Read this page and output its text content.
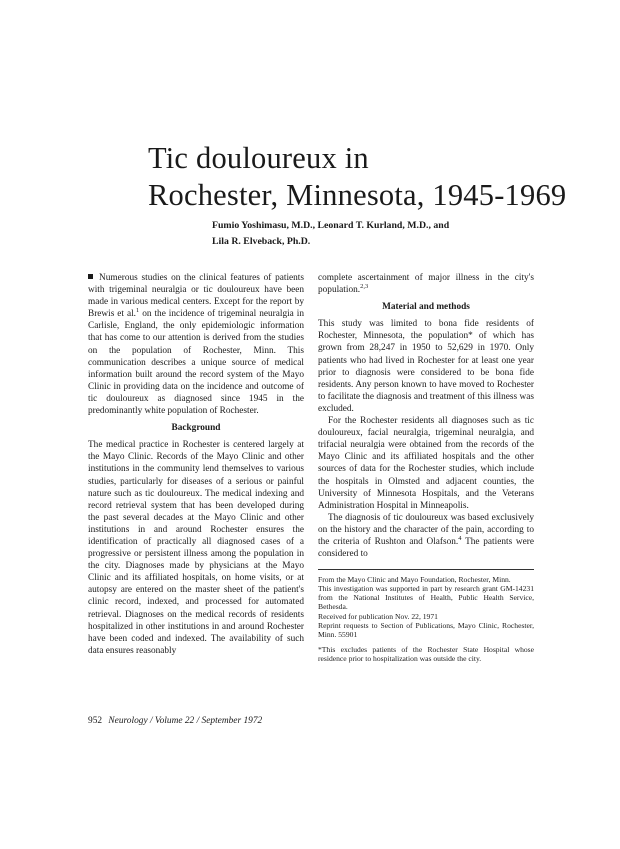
Tic douloureux in
Rochester, Minnesota, 1945-1969
Fumio Yoshimasu, M.D., Leonard T. Kurland, M.D., and
Lila R. Elveback, Ph.D.

Numerous studies on the clinical features of patients with trigeminal neuralgia or tic douloureux have been made in various medical centers. Except for the report by Brewis et al.$^1$ on the incidence of trigeminal neuralgia in Carlisle, England, the only epidemiologic information that has come to our attention is derived from the studies on the population of Rochester, Minn. This communication describes a unique source of medical information built around the record system of the Mayo Clinic in providing data on the incidence and outcome of tic douloureux as diagnosed since 1945 in the predominantly white population of Rochester.

Background

The medical practice in Rochester is centered largely at the Mayo Clinic. Records of the Mayo Clinic and other institutions in the community lend themselves to various studies, particularly for diseases of a serious or painful nature such as tic douloureux. The medical indexing and record retrieval system that has been developed during the past several decades at the Mayo Clinic and other institutions in and around Rochester ensures the identification of practically all diagnosed cases of a progressive or persistent illness among the population in the city. Diagnoses made by physicians at the Mayo Clinic and its affiliated hospitals, on home visits, or at autopsy are entered on the master sheet of the patient's clinic record, indexed, and processed for automated retrieval. Diagnoses on the medical records of residents hospitalized in other institutions in and around Rochester have been coded and indexed. The availability of such data ensures reasonably

complete ascertainment of major illness in the city's population.$^{2,3}$

Material and methods

This study was limited to bona fide residents of Rochester, Minnesota, the population* of which has grown from 28,247 in 1950 to 52,629 in 1970. Only patients who had lived in Rochester for at least one year prior to diagnosis were considered to be bona fide residents. Any person known to have moved to Rochester to facilitate the diagnosis and treatment of this illness was excluded.

For the Rochester residents all diagnoses such as tic douloureux, facial neuralgia, trigeminal neuralgia, and trifacial neuralgia were obtained from the records of the Mayo Clinic and its affiliated hospitals and the other sources of data for the Rochester studies, which include the hospitals in Olmsted and adjacent counties, the University of Minnesota Hospitals, and the Veterans Administration Hospital in Minneapolis.

The diagnosis of tic douloureux was based exclusively on the history and the character of the pain, according to the criteria of Rushton and Olafson.$^4$ The patients were considered to

From the Mayo Clinic and Mayo Foundation, Rochester, Minn.

This investigation was supported in part by research grant GM-14231 from the National Institutes of Health, Public Health Service, Bethesda.

Received for publication Nov. 22, 1971

Reprint requests to Section of Publications, Mayo Clinic, Rochester, Minn. 55901

*This excludes patients of the Rochester State Hospital whose residence prior to hospitalization was outside the city.

952 Neurology / Volume 22 / September 1972
